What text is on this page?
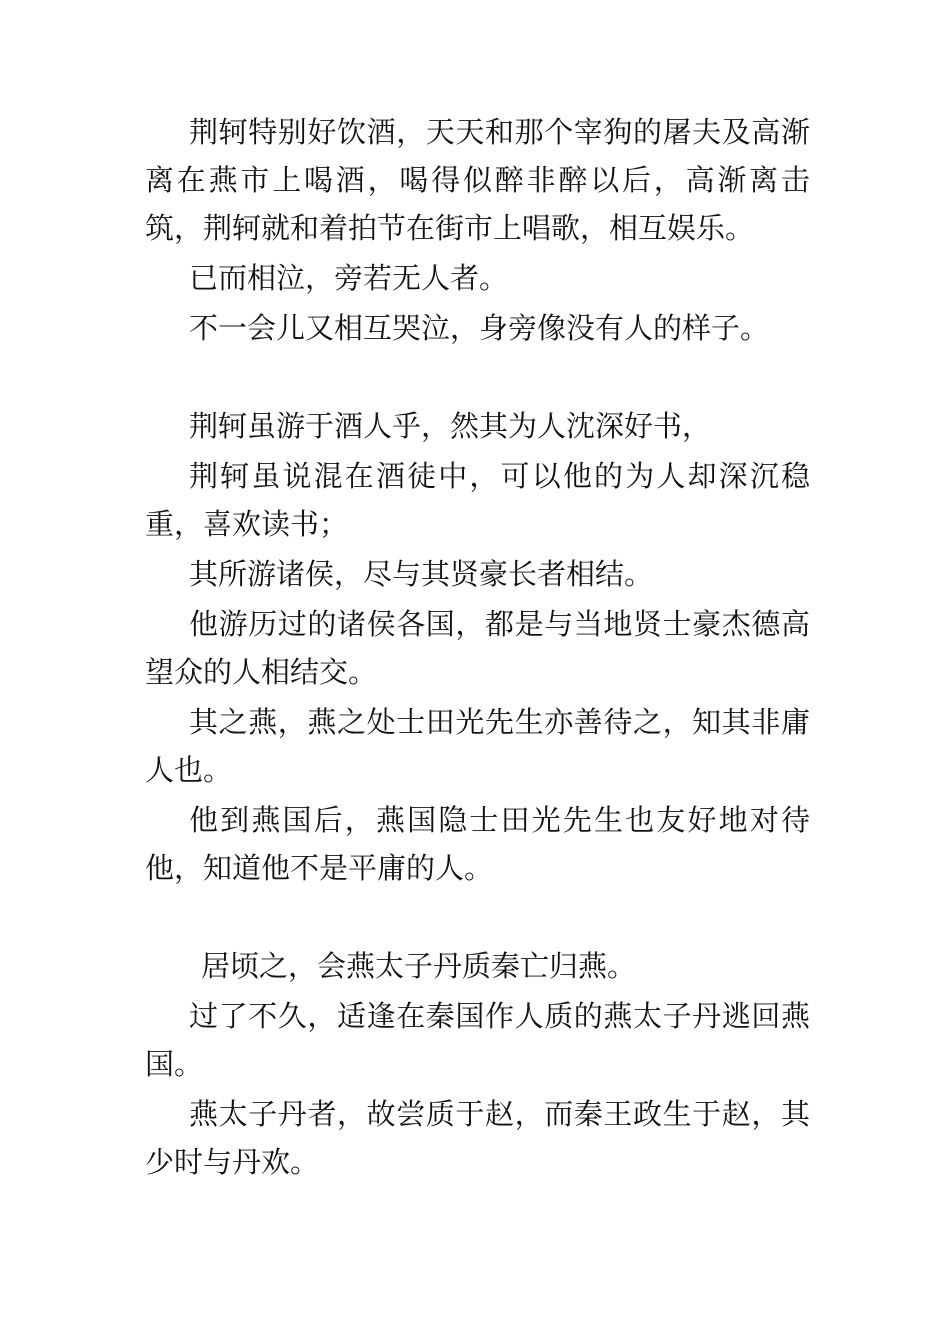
荆轲特别好饮酒，天天和那个宰狗的屠夫及高渐离在燕市上喝酒，喝得似醉非醉以后，高渐离击筑，荆轲就和着拍节在街市上唱歌，相互娱乐。

已而相泣，旁若无人者。

不一会儿又相互哭泣，身旁像没有人的样子。

荆轲虽游于酒人乎，然其为人沈深好书，

荆轲虽说混在酒徒中，可以他的为人却深沉稳重，喜欢读书；

其所游诸侯，尽与其贤豪长者相结。

他游历过的诸侯各国，都是与当地贤士豪杰德高望众的人相结交。

其之燕，燕之处士田光先生亦善待之，知其非庸人也。

他到燕国后，燕国隐士田光先生也友好地对待他，知道他不是平庸的人。

居顷之，会燕太子丹质秦亡归燕。

过了不久，适逢在秦国作人质的燕太子丹逃回燕国。

燕太子丹者，故尝质于赵，而秦王政生于赵，其少时与丹欢。
